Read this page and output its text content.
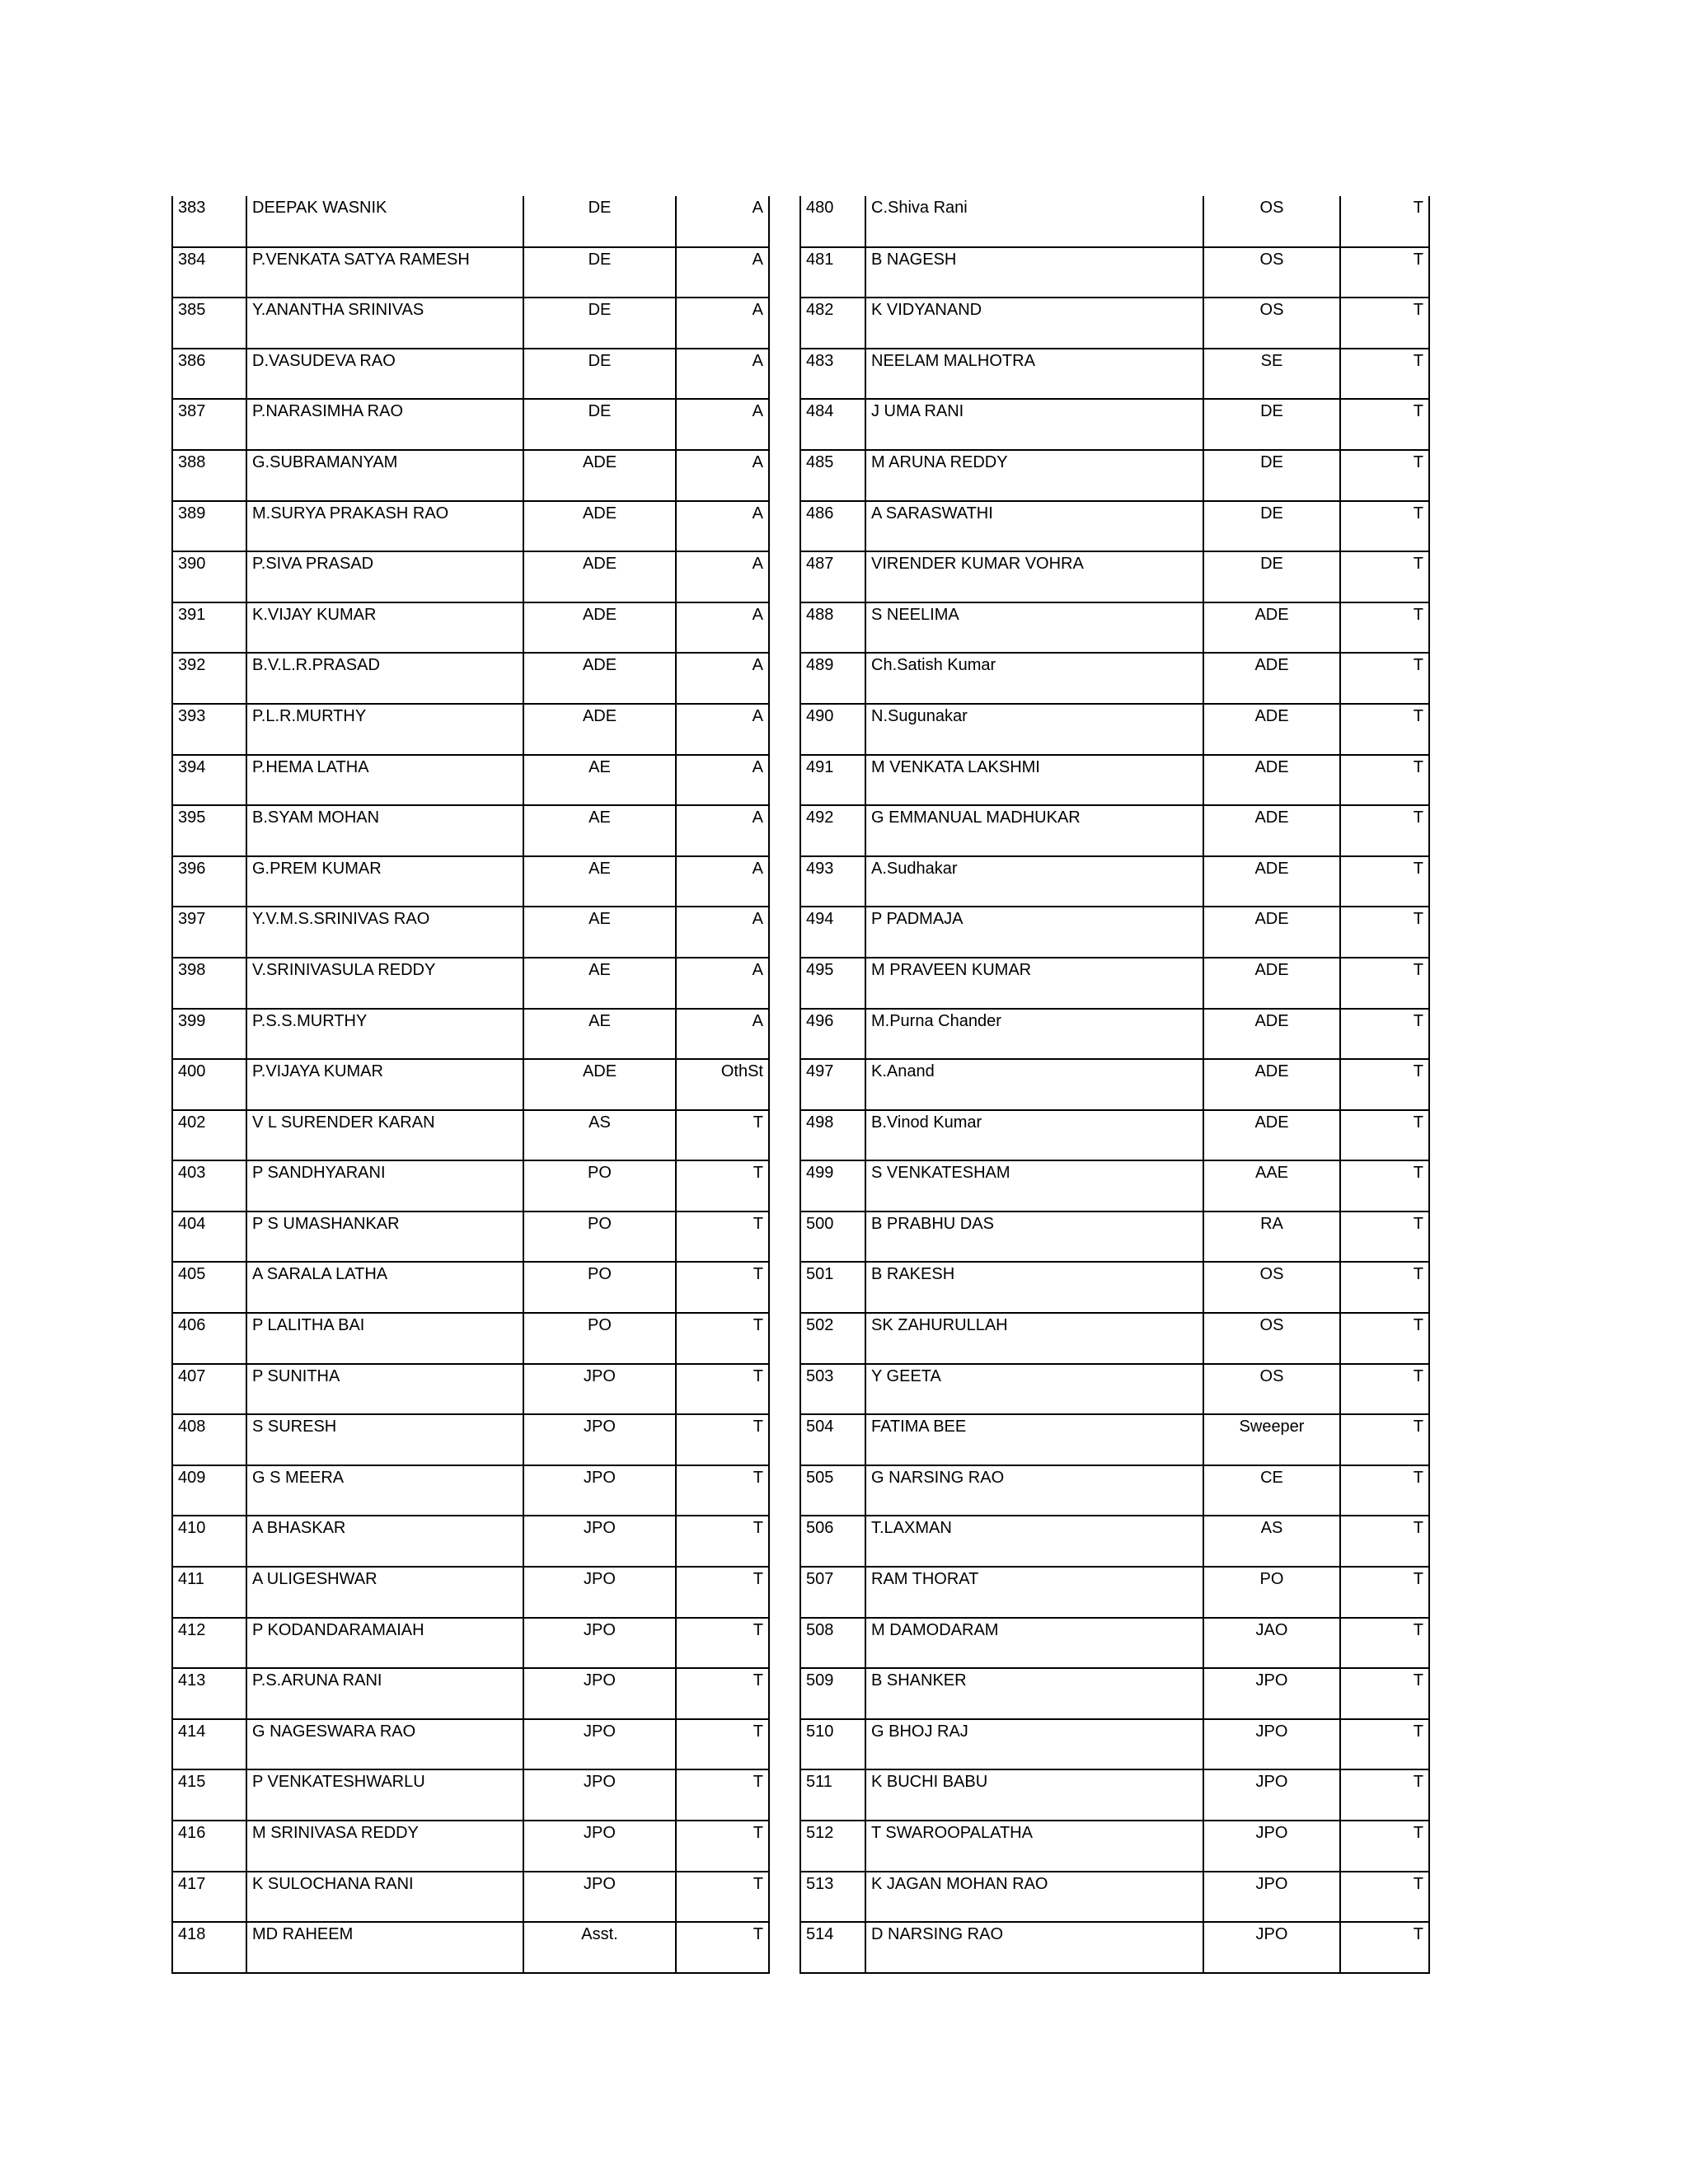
383	DEEPAK WASNIK	DE	A
384	P.VENKATA SATYA RAMESH	DE	A
385	Y.ANANTHA SRINIVAS	DE	A
386	D.VASUDEVA RAO	DE	A
387	P.NARASIMHA RAO	DE	A
388	G.SUBRAMANYAM	ADE	A
389	M.SURYA PRAKASH RAO	ADE	A
390	P.SIVA PRASAD	ADE	A
391	K.VIJAY KUMAR	ADE	A
392	B.V.L.R.PRASAD	ADE	A
393	P.L.R.MURTHY	ADE	A
394	P.HEMA LATHA	AE	A
395	B.SYAM MOHAN	AE	A
396	G.PREM KUMAR	AE	A
397	Y.V.M.S.SRINIVAS RAO	AE	A
398	V.SRINIVASULA REDDY	AE	A
399	P.S.S.MURTHY	AE	A
400	P.VIJAYA KUMAR	ADE	OthSt
402	V L SURENDER KARAN	AS	T
403	P SANDHYARANI	PO	T
404	P S UMASHANKAR	PO	T
405	A SARALA LATHA	PO	T
406	P LALITHA BAI	PO	T
407	P SUNITHA	JPO	T
408	S SURESH	JPO	T
409	G S MEERA	JPO	T
410	A BHASKAR	JPO	T
411	A ULIGESHWAR	JPO	T
412	P KODANDARAMAIAH	JPO	T
413	P.S.ARUNA RANI	JPO	T
414	G NAGESWARA RAO	JPO	T
415	P VENKATESHWARLU	JPO	T
416	M SRINIVASA REDDY	JPO	T
417	K SULOCHANA RANI	JPO	T
418	MD RAHEEM	Asst.	T
480	C.Shiva Rani	OS	T
481	B NAGESH	OS	T
482	K VIDYANAND	OS	T
483	NEELAM MALHOTRA	SE	T
484	J UMA RANI	DE	T
485	M ARUNA REDDY	DE	T
486	A SARASWATHI	DE	T
487	VIRENDER KUMAR VOHRA	DE	T
488	S NEELIMA	ADE	T
489	Ch.Satish Kumar	ADE	T
490	N.Sugunakar	ADE	T
491	M VENKATA LAKSHMI	ADE	T
492	G EMMANUAL MADHUKAR	ADE	T
493	A.Sudhakar	ADE	T
494	P PADMAJA	ADE	T
495	M PRAVEEN KUMAR	ADE	T
496	M.Purna Chander	ADE	T
497	K.Anand	ADE	T
498	B.Vinod Kumar	ADE	T
499	S VENKATESHAM	AAE	T
500	B PRABHU DAS	RA	T
501	B RAKESH	OS	T
502	SK ZAHURULLAH	OS	T
503	Y GEETA	OS	T
504	FATIMA BEE	Sweeper	T
505	G NARSING RAO	CE	T
506	T.LAXMAN	AS	T
507	RAM THORAT	PO	T
508	M DAMODARAM	JAO	T
509	B SHANKER	JPO	T
510	G BHOJ RAJ	JPO	T
511	K BUCHI BABU	JPO	T
512	T SWAROOPALATHA	JPO	T
513	K JAGAN MOHAN RAO	JPO	T
514	D NARSING RAO	JPO	T
